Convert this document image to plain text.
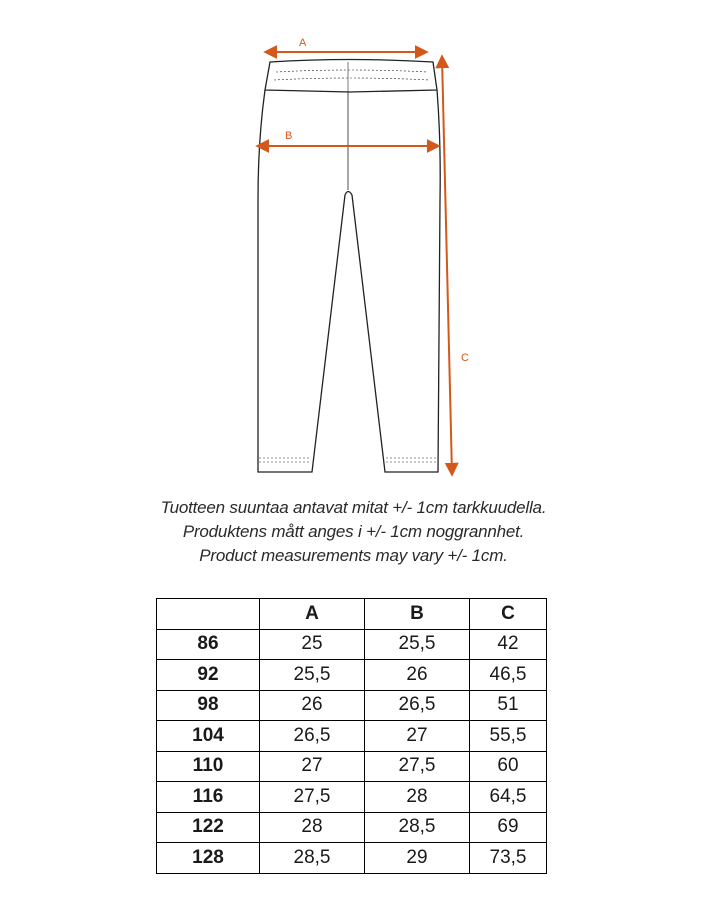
A
B
C
Tuotteen suuntaa antavat mitat +/- 1cm tarkkuudella.
Produktens mått anges i +/- 1cm noggrannhet.
Product measurements may vary +/- 1cm.
	A	B	C
86	25	25,5	42
92	25,5	26	46,5
98	26	26,5	51
104	26,5	27	55,5
110	27	27,5	60
116	27,5	28	64,5
122	28	28,5	69
128	28,5	29	73,5
